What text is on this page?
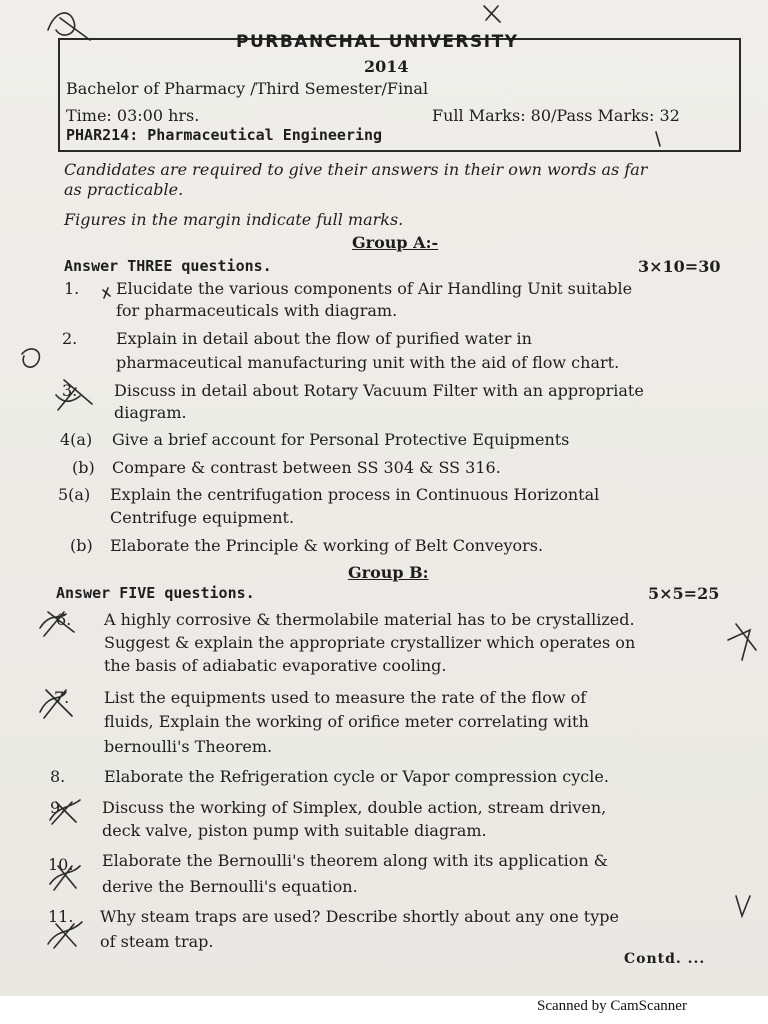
PURBANCHAL UNIVERSITY
2014
Bachelor of Pharmacy /Third Semester/Final
Time: 03:00 hrs.	Full Marks: 80/Pass Marks: 32
PHAR214: Pharmaceutical Engineering
Candidates are required to give their answers in their own words as far
as practicable.
Figures in the margin indicate full marks.
Group A:-
Answer THREE questions.	3×10=30
1. Elucidate the various components of Air Handling Unit suitable
for pharmaceuticals with diagram.
2. Explain in detail about the flow of purified water in
pharmaceutical manufacturing unit with the aid of flow chart.
3. Discuss in detail about Rotary Vacuum Filter with an appropriate
diagram.
4(a) Give a brief account for Personal Protective Equipments
(b) Compare & contrast between SS 304 & SS 316.
5(a) Explain the centrifugation process in Continuous Horizontal
Centrifuge equipment.
(b) Elaborate the Principle & working of Belt Conveyors.
Group B:
Answer FIVE questions.	5×5=25
6. A highly corrosive & thermolabile material has to be crystallized.
Suggest & explain the appropriate crystallizer which operates on
the basis of adiabatic evaporative cooling.
7. List the equipments used to measure the rate of the flow of
fluids, Explain the working of orifice meter correlating with
bernoulli's Theorem.
8. Elaborate the Refrigeration cycle or Vapor compression cycle.
9. Discuss the working of Simplex, double action, stream driven,
deck valve, piston pump with suitable diagram.
10. Elaborate the Bernoulli's theorem along with its application &
derive the Bernoulli's equation.
11. Why steam traps are used? Describe shortly about any one type
of steam trap.
Contd. ...
Scanned by CamScanner
